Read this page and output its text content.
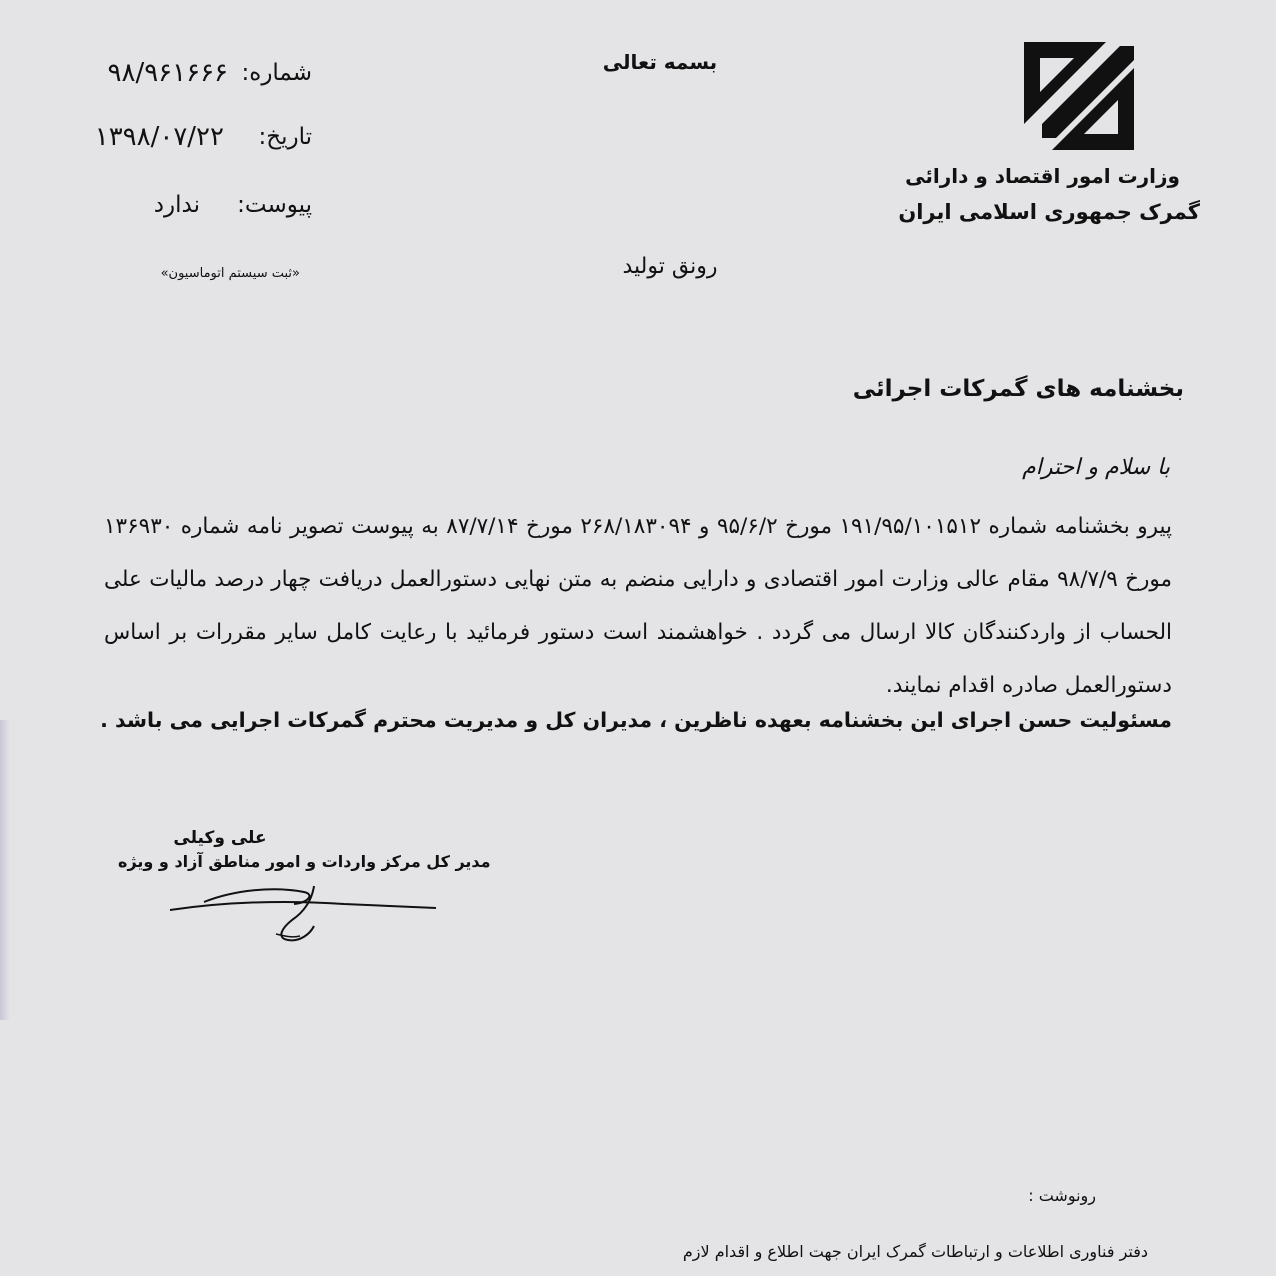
وزارت امور اقتصاد و دارائی
گمرک جمهوری اسلامی ایران
بسمه تعالی
رونق تولید
شماره:
۹۸/۹۶۱۶۶۶
تاریخ:
۱۳۹۸/۰۷/۲۲
پیوست:
ندارد
«ثبت سیستم اتوماسیون»
بخشنامه های گمرکات اجرائی
با سلام و احترام
پیرو بخشنامه شماره ۱۹۱/۹۵/۱۰۱۵۱۲ مورخ ۹۵/۶/۲ و ۲۶۸/۱۸۳۰۹۴ مورخ ۸۷/۷/۱۴ به پیوست تصویر نامه شماره ۱۳۶۹۳۰ مورخ ۹۸/۷/۹ مقام عالی وزارت امور اقتصادی و دارایی منضم به متن نهایی دستورالعمل دریافت چهار درصد مالیات علی الحساب از واردکنندگان کالا ارسال می گردد . خواهشمند است دستور فرمائید با رعایت کامل سایر مقررات بر اساس دستورالعمل صادره اقدام نمایند.
مسئولیت حسن اجرای این بخشنامه بعهده ناظرین ، مدیران کل و مدیریت محترم گمرکات اجرایی می باشد .
علی وکیلی
مدیر کل مرکز واردات و امور مناطق آزاد و ویژه
رونوشت :
دفتر فناوری اطلاعات و ارتباطات گمرک ایران جهت اطلاع و اقدام لازم
